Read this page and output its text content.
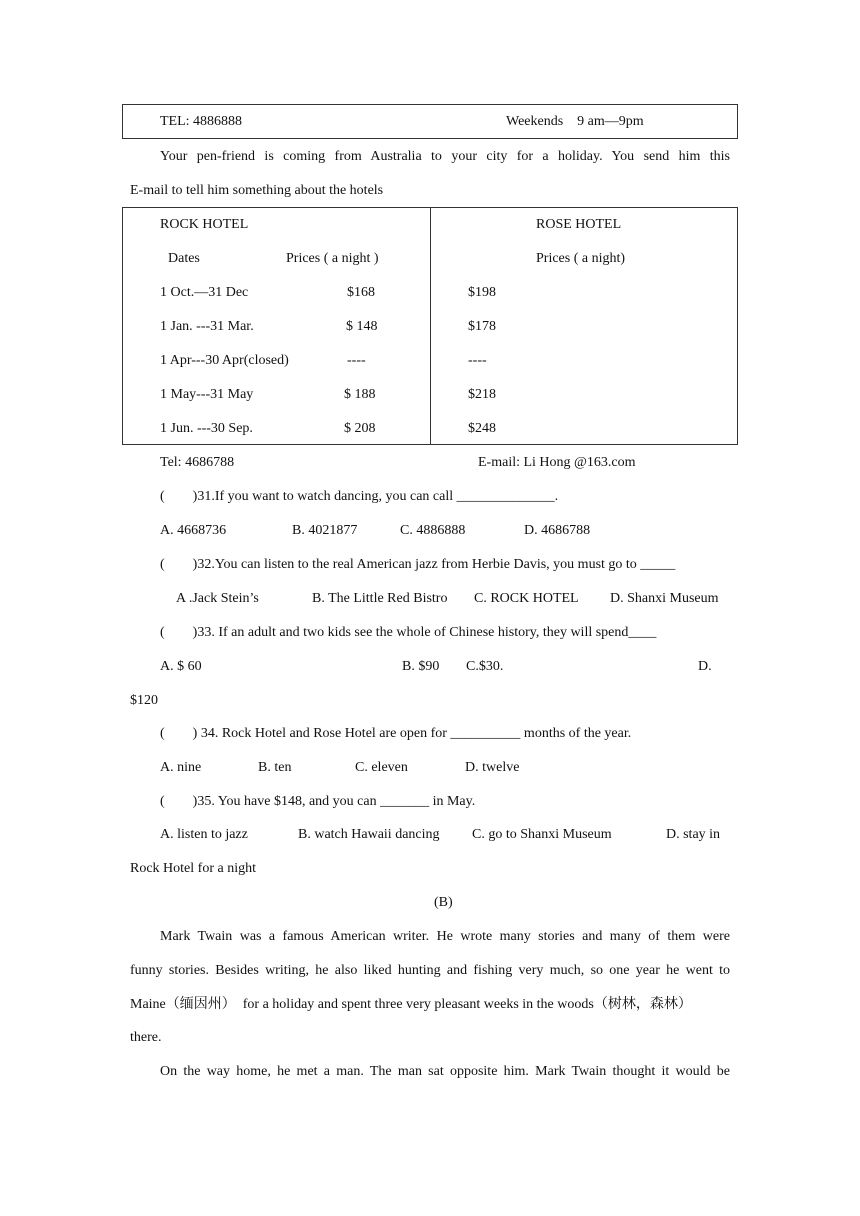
TEL: 4886888	Weekends    9 am—9pm
Your pen-friend is coming from Australia to your city for a holiday. You send him this
E-mail to tell him something about the hotels
ROCK HOTEL	ROSE HOTEL
Dates	Prices ( a night )	Prices ( a night)
1 Oct.—31 Dec	$168	$198
1 Jan. ---31 Mar.	$ 148	$178
1 Apr---30 Apr(closed)	----	----
1 May---31 May	$ 188	$218
1 Jun. ---30 Sep.	$ 208	$248
Tel: 4686788	E-mail: Li Hong @163.com
(        )31.If you want to watch dancing, you can call ______________.
A. 4668736	B. 4021877	C. 4886888	D. 4686788
(        )32.You can listen to the real American jazz from Herbie Davis, you must go to _____
A .Jack Stein’s	B. The Little Red Bistro C. ROCK HOTEL D. Shanxi Museum
(        )33. If an adult and two kids see the whole of Chinese history, they will spend____
A. $ 60	B. $90 C.$30.	D.
$120
(        ) 34. Rock Hotel and Rose Hotel are open for __________ months of the year.
A. nine	B. ten	C. eleven	D. twelve
(        )35. You have $148, and you can _______ in May.
A. listen to jazz	B. watch Hawaii dancing C. go to Shanxi Museum	D. stay in
Rock Hotel for a night
(B)
Mark Twain was a famous American writer. He wrote many stories and many of them were
funny stories. Besides writing, he also liked hunting and fishing very much, so one year he went to
Maine（缅因州）  for a holiday and spent three very pleasant weeks in the woods（树林，森林）
there.
On the way home, he met a man. The man sat opposite him. Mark Twain thought it would be
